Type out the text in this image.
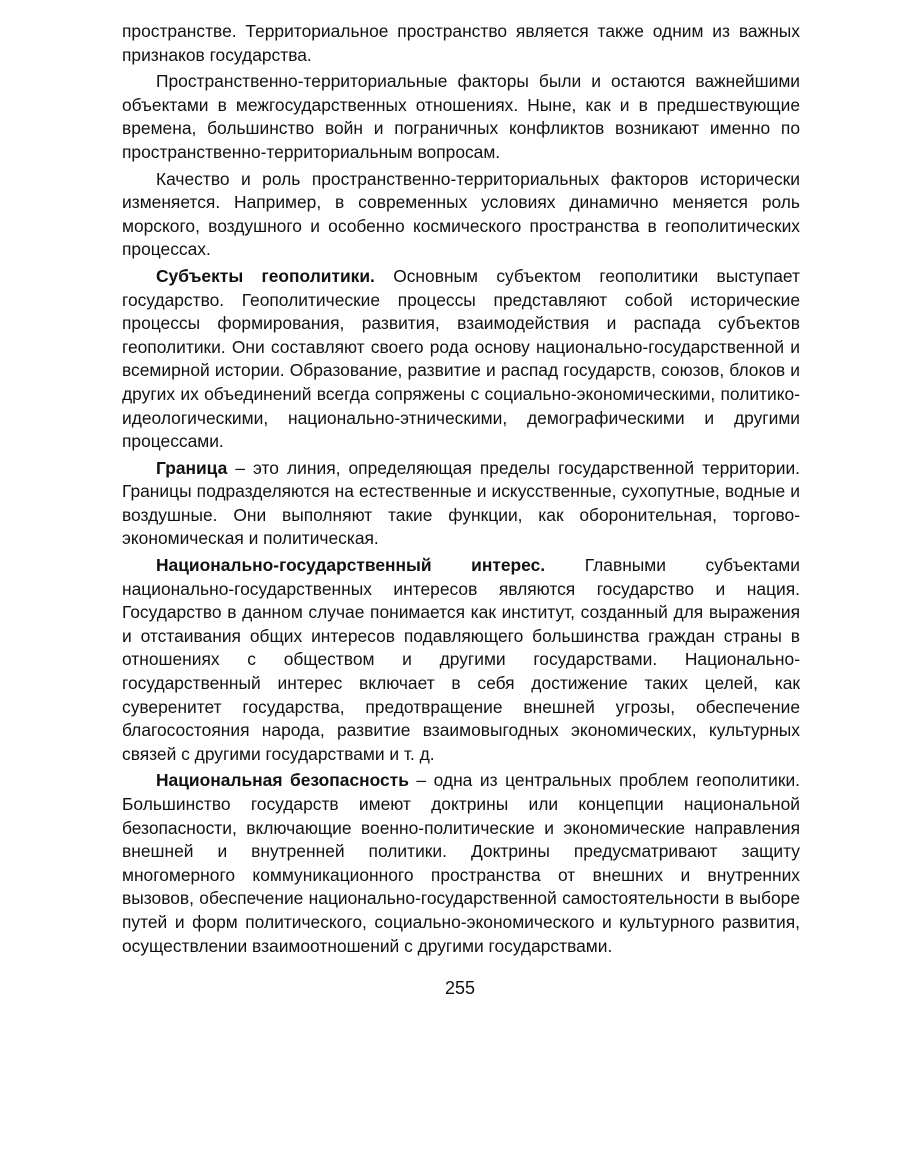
пространстве. Территориальное пространство является также одним из важных признаков государства.

Пространственно-территориальные факторы были и остаются важнейшими объектами в межгосударственных отношениях. Ныне, как и в предшествующие времена, большинство войн и пограничных конфликтов возникают именно по пространственно-территориальным вопросам.

Качество и роль пространственно-территориальных факторов исторически изменяется. Например, в современных условиях динамично меняется роль морского, воздушного и особенно космического пространства в геополитических процессах.

Субъекты геополитики. Основным субъектом геополитики выступает государство. Геополитические процессы представляют собой исторические процессы формирования, развития, взаимодействия и распада субъектов геополитики. Они составляют своего рода основу национально-государственной и всемирной истории. Образование, развитие и распад государств, союзов, блоков и других их объединений всегда сопряжены с социально-экономическими, политико-идеологическими, национально-этническими, демографическими и другими процессами.

Граница – это линия, определяющая пределы государственной территории. Границы подразделяются на естественные и искусственные, сухопутные, водные и воздушные. Они выполняют такие функции, как оборонительная, торгово-экономическая и политическая.

Национально-государственный интерес. Главными субъектами национально-государственных интересов являются государство и нация. Государство в данном случае понимается как институт, созданный для выражения и отстаивания общих интересов подавляющего большинства граждан страны в отношениях с обществом и другими государствами. Национально-государственный интерес включает в себя достижение таких целей, как суверенитет государства, предотвращение внешней угрозы, обеспечение благосостояния народа, развитие взаимовыгодных экономических, культурных связей с другими государствами и т. д.

Национальная безопасность – одна из центральных проблем геополитики. Большинство государств имеют доктрины или концепции национальной безопасности, включающие военно-политические и экономические направления внешней и внутренней политики. Доктрины предусматривают защиту многомерного коммуникационного пространства от внешних и внутренних вызовов, обеспечение национально-государственной самостоятельности в выборе путей и форм политического, социально-экономического и культурного развития, осуществлении взаимоотношений с другими государствами.

255
